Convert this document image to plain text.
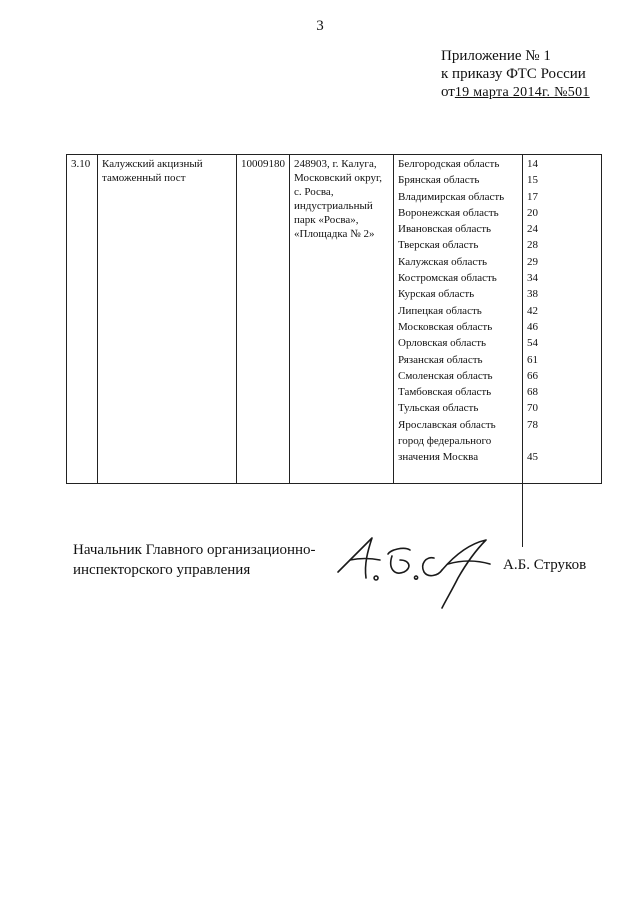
3
Приложение № 1
к приказу ФТС России
от19 марта 2014г. №501
3.10	Калужский акцизный таможенный пост	10009180	248903, г. Калуга, Московский округ, с. Росва, индустриальный парк «Росва», «Площадка № 2»	
Белгородская область	14
Брянская область	15
Владимирская область	17
Воронежская область	20
Ивановская область	24
Тверская область	28
Калужская область	29
Костромская область	34
Курская область	38
Липецкая область	42
Московская область	46
Орловская область	54
Рязанская область	61
Смоленская область	66
Тамбовская область	68
Тульская область	70
Ярославская область	78
город федерального
значения Москва	45
Начальник Главного организационно-
инспекторского управления	А.Б. Струков
